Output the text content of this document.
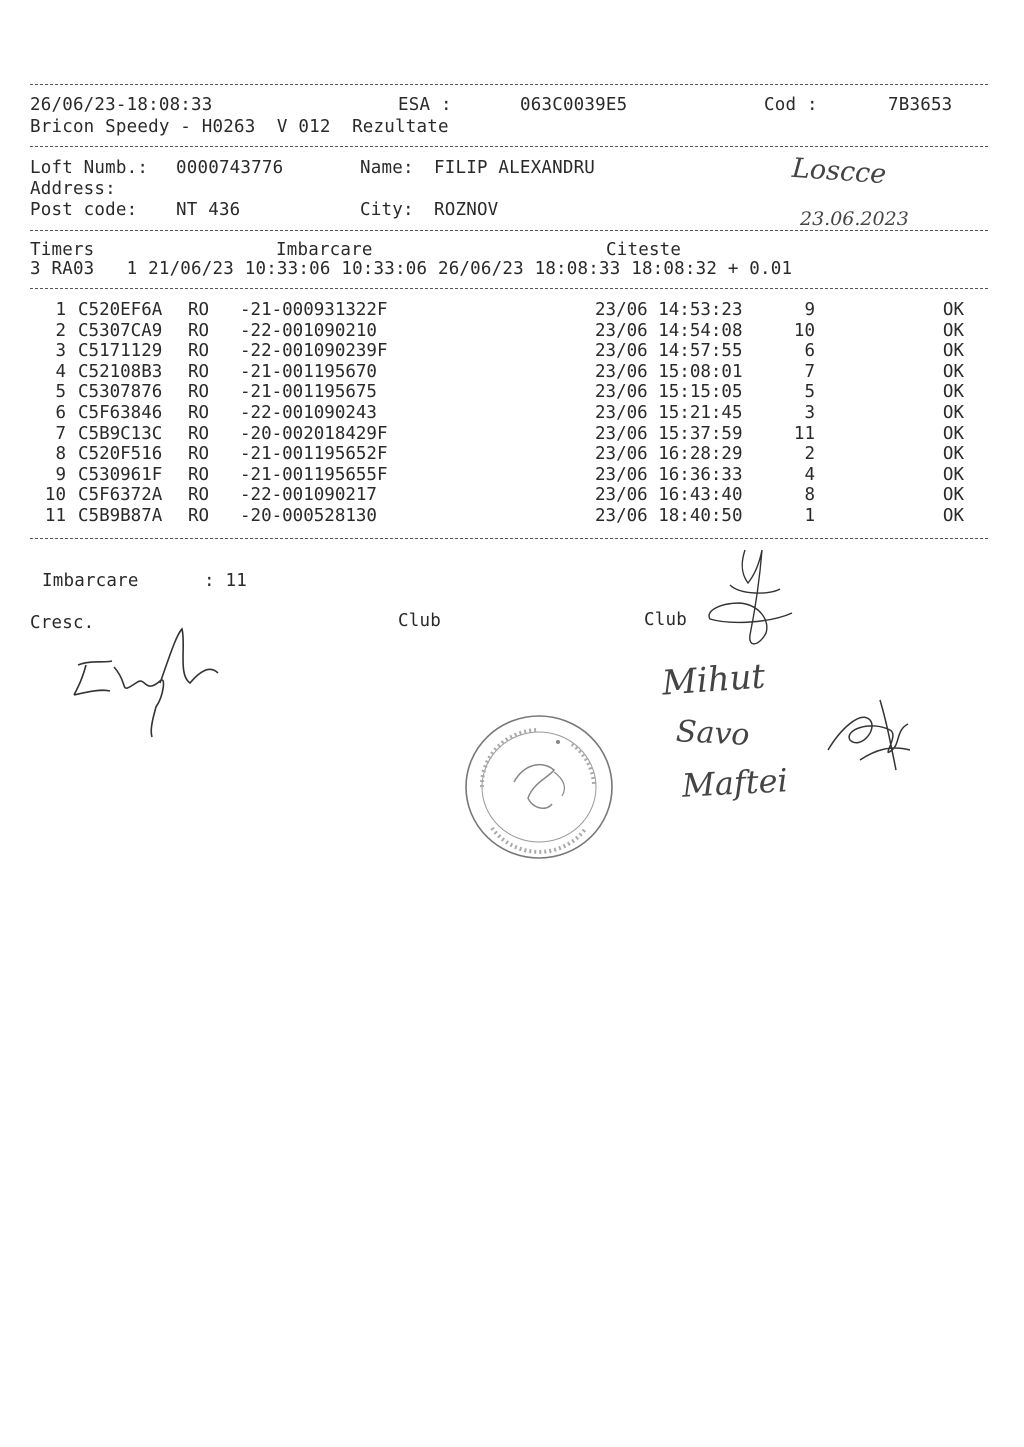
26/06/23-18:08:33	ESA :	063C0039E5	Cod :	7B3653
Bricon Speedy - H0263  V 012  Rezultate
Loft Numb.: 0000743776	Name: FILIP ALEXANDRU
Address:
Post code: NT 436	City: ROZNOV
Loscce
23.06.2023
Timers	Imbarcare	Citeste
3 RA03   1 21/06/23 10:33:06 10:33:06 26/06/23 18:08:33 18:08:32 + 0.01
1 C520EF6A RO -21-000931322F	23/06 14:53:23	9	OK
2 C5307CA9 RO -22-001090210	23/06 14:54:08	10	OK
3 C5171129 RO -22-001090239F	23/06 14:57:55	6	OK
4 C52108B3 RO -21-001195670	23/06 15:08:01	7	OK
5 C5307876 RO -21-001195675	23/06 15:15:05	5	OK
6 C5F63846 RO -22-001090243	23/06 15:21:45	3	OK
7 C5B9C13C RO -20-002018429F	23/06 15:37:59	11	OK
8 C520F516 RO -21-001195652F	23/06 16:28:29	2	OK
9 C530961F RO -21-001195655F	23/06 16:36:33	4	OK
10 C5F6372A RO -22-001090217	23/06 16:43:40	8	OK
11 C5B9B87A RO -20-000528130	23/06 18:40:50	1	OK
Imbarcare	: 11
Cresc.	Club	Club
Mihut
Savo
Maftei
